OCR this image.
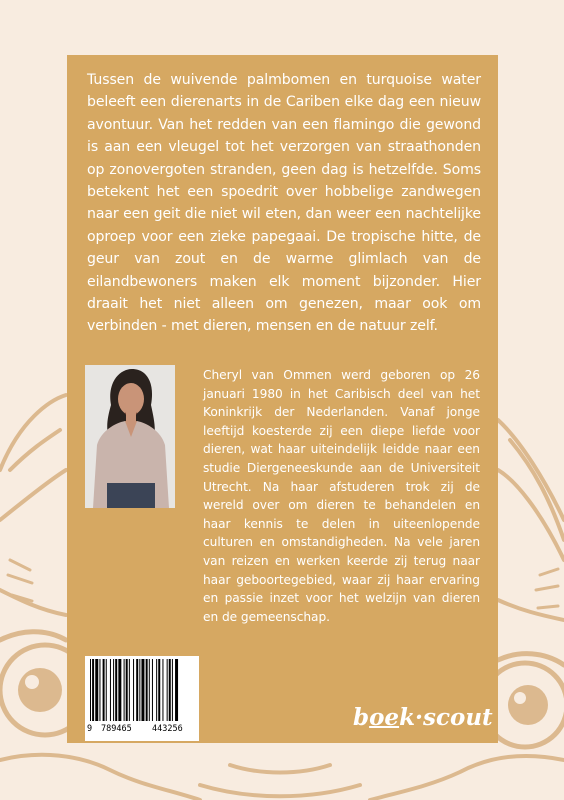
Tussen de wuivende palmbomen en turquoise water beleeft een dierenarts in de Cariben elke dag een nieuw avontuur. Van het redden van een flamingo die gewond is aan een vleugel tot het verzorgen van straathonden op zonovergoten stranden, geen dag is hetzelfde. Soms betekent het een spoedrit over hobbelige zandwegen naar een geit die niet wil eten, dan weer een nachtelijke oproep voor een zieke papegaai. De tropische hitte, de geur van zout en de warme glimlach van de eilandbewoners maken elk moment bijzonder. Hier draait het niet alleen om genezen, maar ook om verbinden - met dieren, mensen en de natuur zelf.

Cheryl van Ommen werd geboren op 26 januari 1980 in het Caribisch deel van het Koninkrijk der Nederlanden. Vanaf jonge leeftijd koesterde zij een diepe liefde voor dieren, wat haar uiteindelijk leidde naar een studie Diergeneeskunde aan de Universiteit Utrecht. Na haar afstuderen trok zij de wereld over om dieren te behandelen en haar kennis te delen in uiteenlopende culturen en omstandigheden. Na vele jaren van reizen en werken keerde zij terug naar haar geboortegebied, waar zij haar ervaring en passie inzet voor het welzijn van dieren en de gemeenschap.

9 789465 443256	boek·scout
